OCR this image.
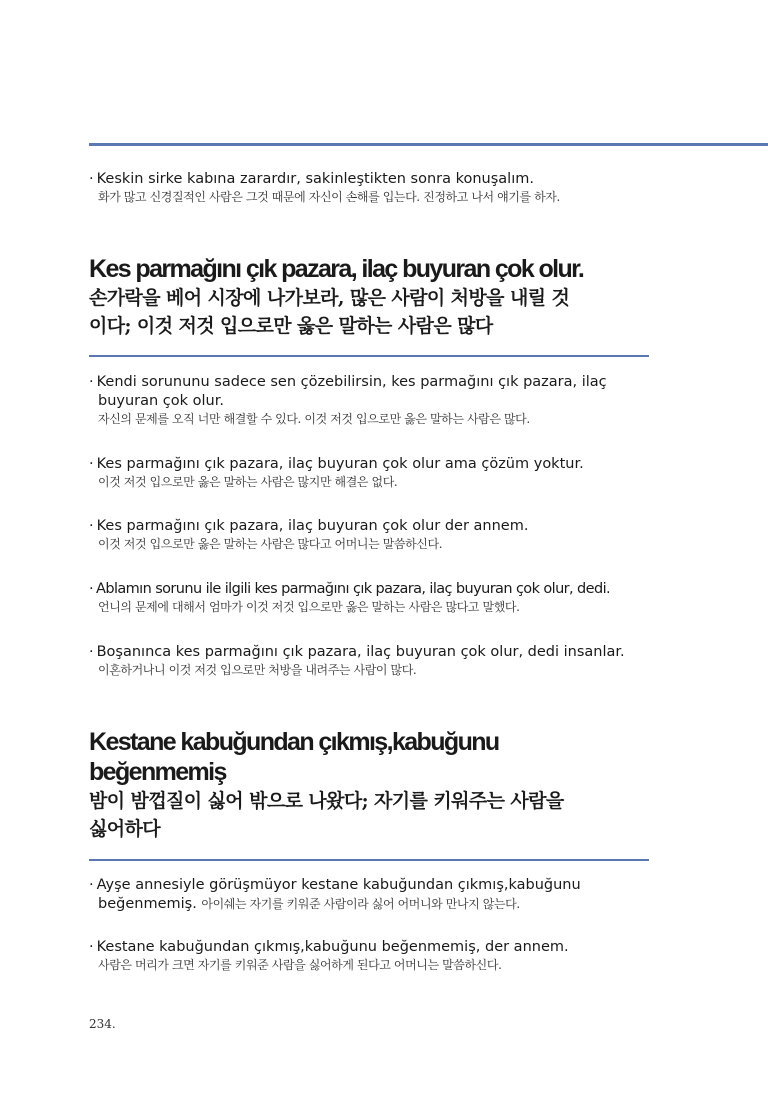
· Keskin sirke kabına zarardır, sakinleştikten sonra konuşalım.
화가 많고 신경질적인 사람은 그것 때문에 자신이 손해를 입는다. 진정하고 나서 얘기를 하자.
Kes parmağını çık pazara, ilaç buyuran çok olur.
손가락을 베어 시장에 나가보라, 많은 사람이 처방을 내릴 것
이다; 이것 저것 입으로만 옳은 말하는 사람은 많다
· Kendi sorununu sadece sen çözebilirsin, kes parmağını çık pazara, ilaç
buyuran çok olur.
자신의 문제를 오직 너만 해결할 수 있다. 이것 저것 입으로만 옳은 말하는 사람은 많다.
· Kes parmağını çık pazara, ilaç buyuran çok olur ama çözüm yoktur.
이것 저것 입으로만 옳은 말하는 사람은 많지만 해결은 없다.
· Kes parmağını çık pazara, ilaç buyuran çok olur der annem.
이것 저것 입으로만 옳은 말하는 사람은 많다고 어머니는 말씀하신다.
· Ablamın sorunu ile ilgili kes parmağını çık pazara, ilaç buyuran çok olur, dedi.
언니의 문제에 대해서 엄마가 이것 저것 입으로만 옳은 말하는 사람은 많다고 말했다.
· Boşanınca kes parmağını çık pazara, ilaç buyuran çok olur, dedi insanlar.
이혼하거나니 이것 저것 입으로만 처방을 내려주는 사람이 많다.
Kestane kabuğundan çıkmış,kabuğunu
beğenmemiş
밤이 밤껍질이 싫어 밖으로 나왔다; 자기를 키워주는 사람을
싫어하다
· Ayşe annesiyle görüşmüyor kestane kabuğundan çıkmış,kabuğunu
beğenmemiş. 아이쉐는 자기를 키워준 사람이라 싫어 어머니와 만나지 않는다.
· Kestane kabuğundan çıkmış,kabuğunu beğenmemiş, der annem.
사람은 머리가 크면 자기를 키워준 사람을 싫어하게 된다고 어머니는 말씀하신다.
234.
